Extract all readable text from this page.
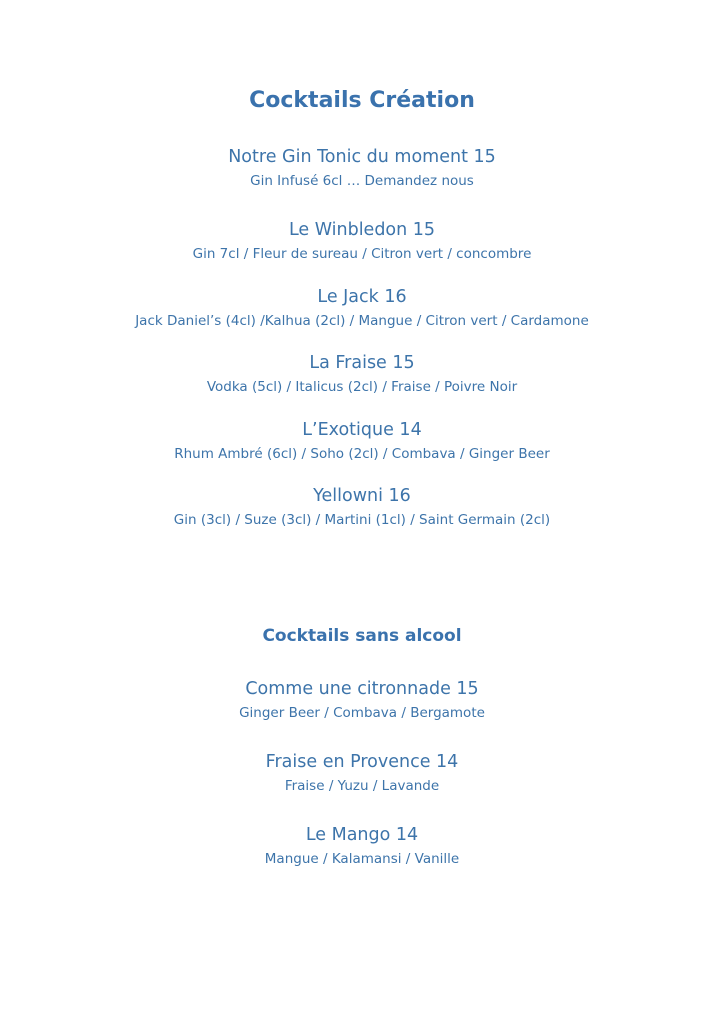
Cocktails Création
Notre Gin Tonic du moment 15
Gin Infusé 6cl … Demandez nous
Le Winbledon 15
Gin 7cl / Fleur de sureau / Citron vert / concombre
Le Jack 16
Jack Daniel’s (4cl) /Kalhua (2cl) / Mangue / Citron vert / Cardamone
La Fraise 15
Vodka (5cl) / Italicus (2cl) / Fraise / Poivre Noir
L’Exotique 14
Rhum Ambré (6cl) / Soho (2cl) / Combava / Ginger Beer
Yellowni 16
Gin (3cl) / Suze (3cl) / Martini (1cl) / Saint Germain (2cl)
Cocktails sans alcool
Comme une citronnade 15
Ginger Beer / Combava / Bergamote
Fraise en Provence 14
Fraise / Yuzu / Lavande
Le Mango 14
Mangue / Kalamansi / Vanille
